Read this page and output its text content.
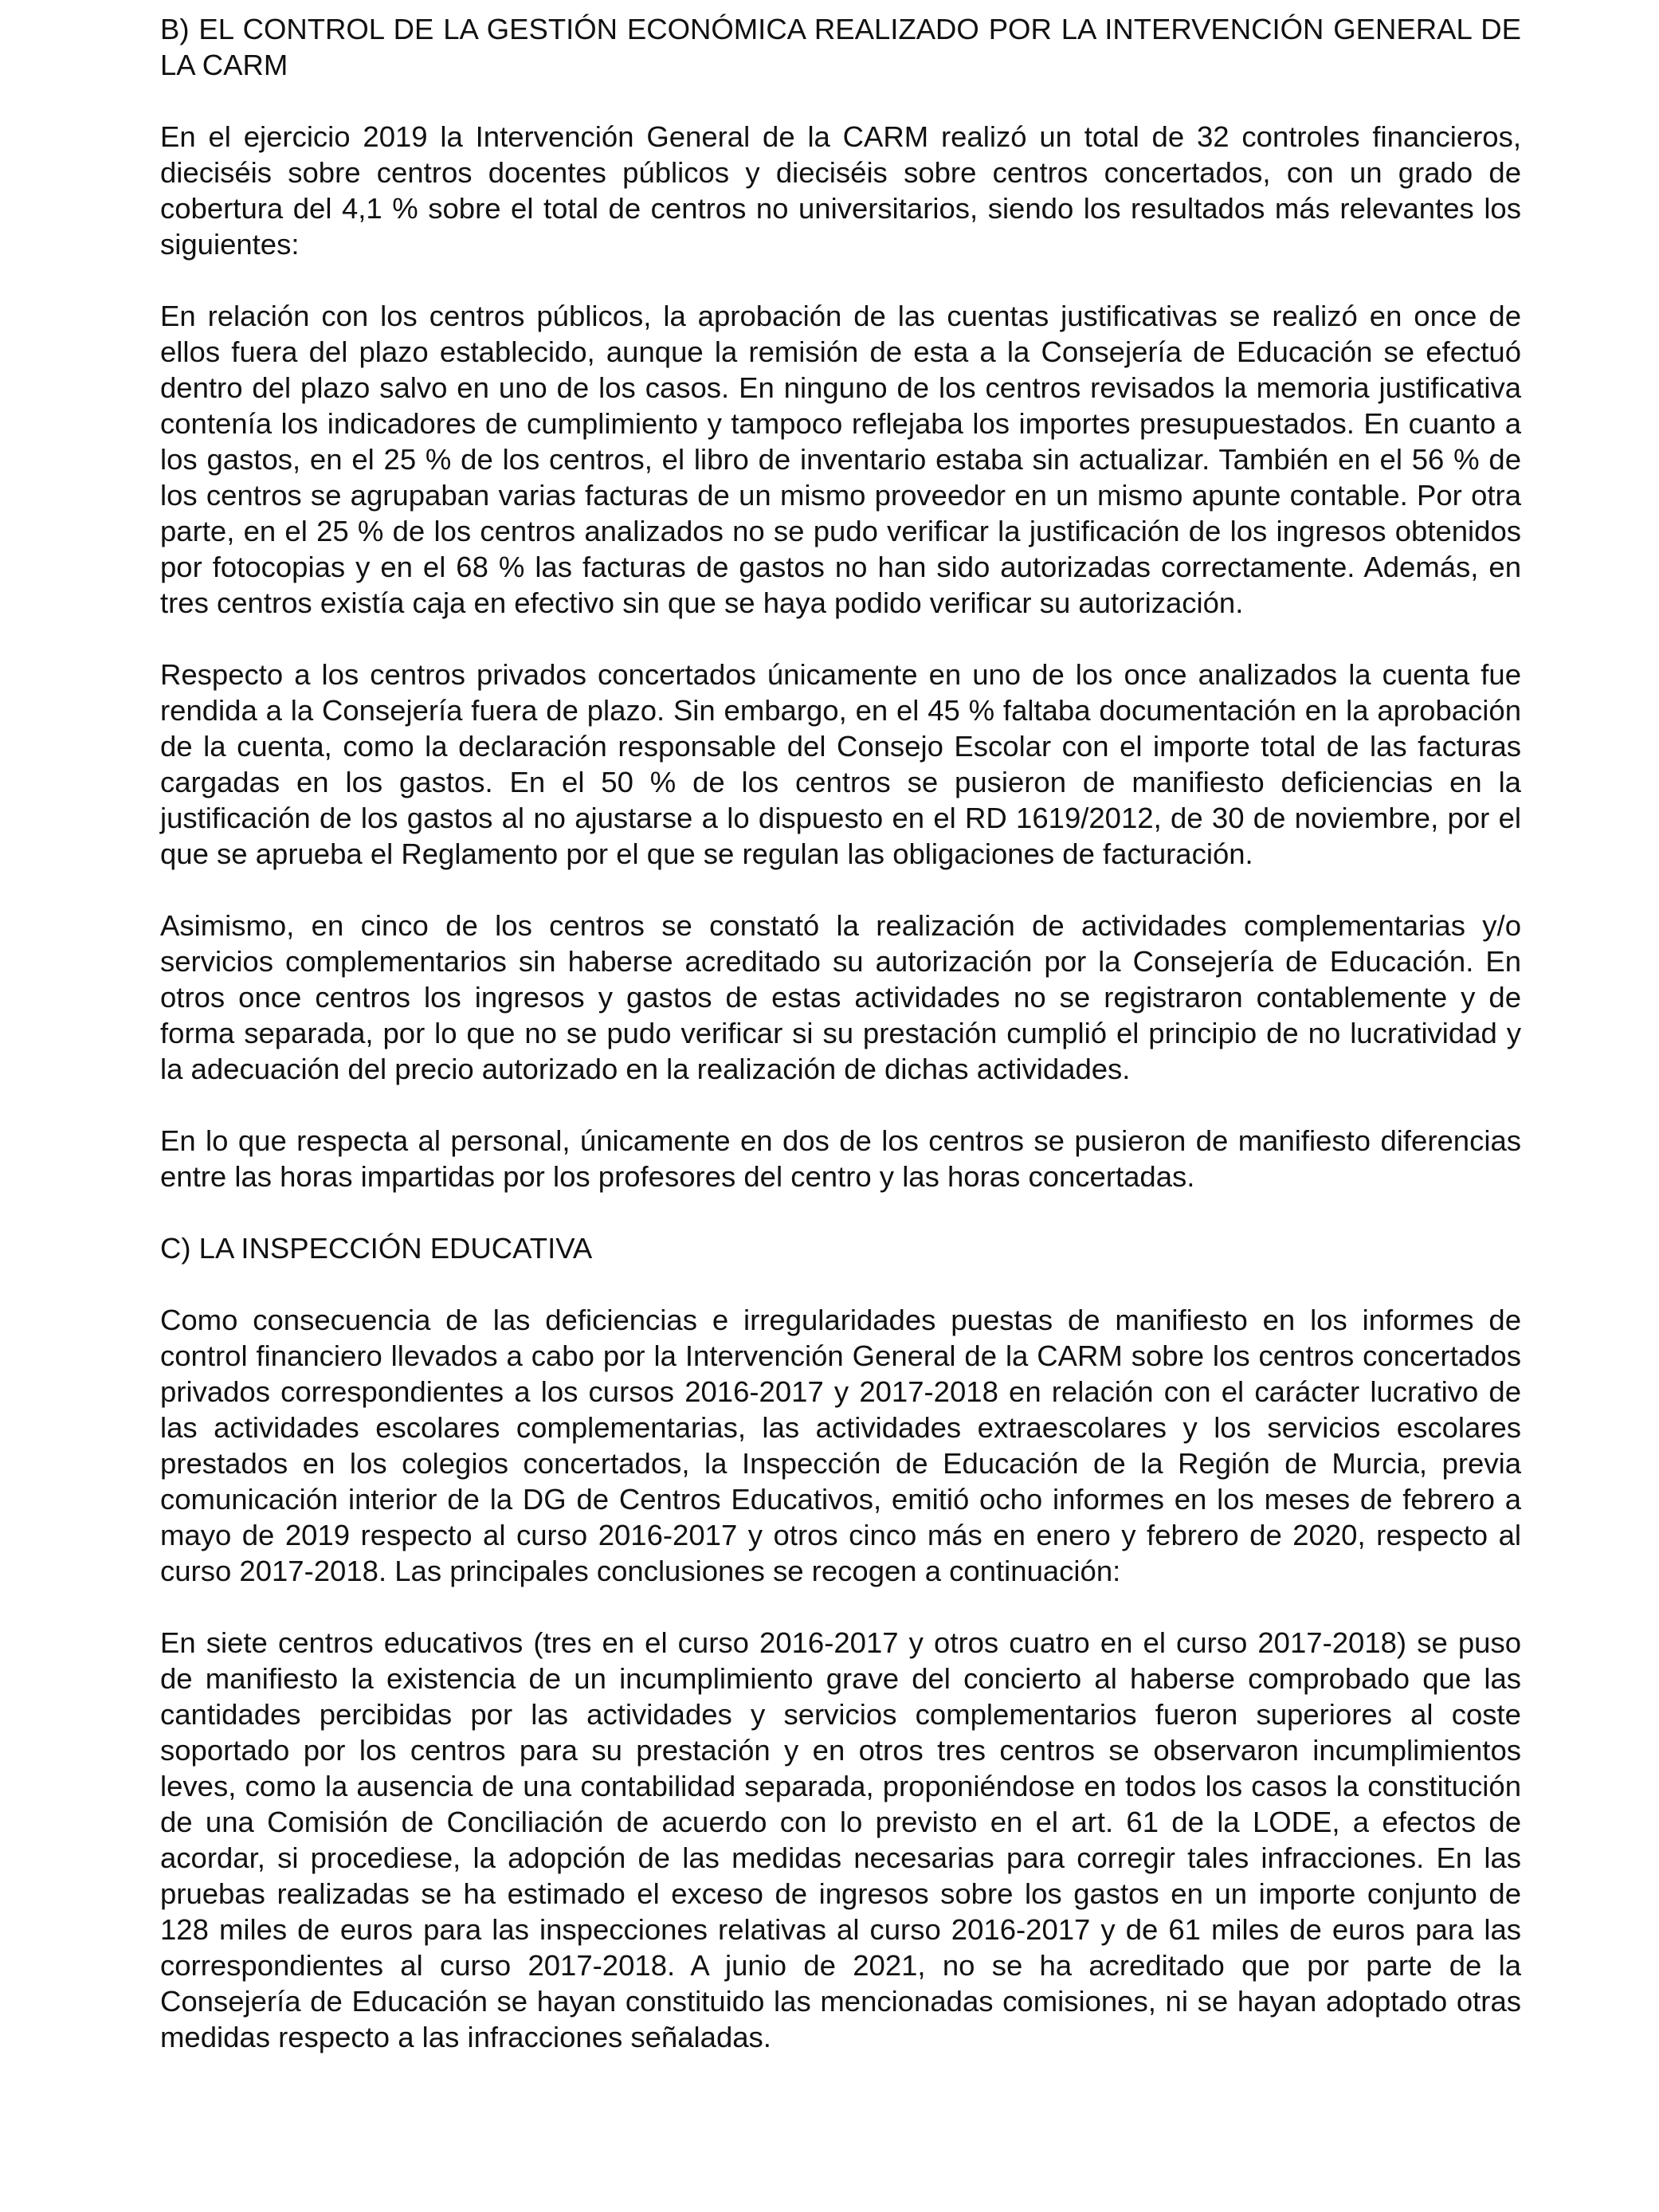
B) EL CONTROL DE LA GESTIÓN ECONÓMICA REALIZADO POR LA INTERVENCIÓN GENERAL DE LA CARM

En el ejercicio 2019 la Intervención General de la CARM realizó un total de 32 controles financieros, dieciséis sobre centros docentes públicos y dieciséis sobre centros concertados, con un grado de cobertura del 4,1 % sobre el total de centros no universitarios, siendo los resultados más relevantes los siguientes:

En relación con los centros públicos, la aprobación de las cuentas justificativas se realizó en once de ellos fuera del plazo establecido, aunque la remisión de esta a la Consejería de Educación se efectuó dentro del plazo salvo en uno de los casos. En ninguno de los centros revisados la memoria justificativa contenía los indicadores de cumplimiento y tampoco reflejaba los importes presupuestados. En cuanto a los gastos, en el 25 % de los centros, el libro de inventario estaba sin actualizar. También en el 56 % de los centros se agrupaban varias facturas de un mismo proveedor en un mismo apunte contable. Por otra parte, en el 25 % de los centros analizados no se pudo verificar la justificación de los ingresos obtenidos por fotocopias y en el 68 % las facturas de gastos no han sido autorizadas correctamente. Además, en tres centros existía caja en efectivo sin que se haya podido verificar su autorización.

Respecto a los centros privados concertados únicamente en uno de los once analizados la cuenta fue rendida a la Consejería fuera de plazo. Sin embargo, en el 45 % faltaba documentación en la aprobación de la cuenta, como la declaración responsable del Consejo Escolar con el importe total de las facturas cargadas en los gastos. En el 50 % de los centros se pusieron de manifiesto deficiencias en la justificación de los gastos al no ajustarse a lo dispuesto en el RD 1619/2012, de 30 de noviembre, por el que se aprueba el Reglamento por el que se regulan las obligaciones de facturación.

Asimismo, en cinco de los centros se constató la realización de actividades complementarias y/o servicios complementarios sin haberse acreditado su autorización por la Consejería de Educación. En otros once centros los ingresos y gastos de estas actividades no se registraron contablemente y de forma separada, por lo que no se pudo verificar si su prestación cumplió el principio de no lucratividad y la adecuación del precio autorizado en la realización de dichas actividades.

En lo que respecta al personal, únicamente en dos de los centros se pusieron de manifiesto diferencias entre las horas impartidas por los profesores del centro y las horas concertadas.

C) LA INSPECCIÓN EDUCATIVA

Como consecuencia de las deficiencias e irregularidades puestas de manifiesto en los informes de control financiero llevados a cabo por la Intervención General de la CARM sobre los centros concertados privados correspondientes a los cursos 2016-2017 y 2017-2018 en relación con el carácter lucrativo de las actividades escolares complementarias, las actividades extraescolares y los servicios escolares prestados en los colegios concertados, la Inspección de Educación de la Región de Murcia, previa comunicación interior de la DG de Centros Educativos, emitió ocho informes en los meses de febrero a mayo de 2019 respecto al curso 2016-2017 y otros cinco más en enero y febrero de 2020, respecto al curso 2017-2018. Las principales conclusiones se recogen a continuación:

En siete centros educativos (tres en el curso 2016-2017 y otros cuatro en el curso 2017-2018) se puso de manifiesto la existencia de un incumplimiento grave del concierto al haberse comprobado que las cantidades percibidas por las actividades y servicios complementarios fueron superiores al coste soportado por los centros para su prestación y en otros tres centros se observaron incumplimientos leves, como la ausencia de una contabilidad separada, proponiéndose en todos los casos la constitución de una Comisión de Conciliación de acuerdo con lo previsto en el art. 61 de la LODE, a efectos de acordar, si procediese, la adopción de las medidas necesarias para corregir tales infracciones. En las pruebas realizadas se ha estimado el exceso de ingresos sobre los gastos en un importe conjunto de 128 miles de euros para las inspecciones relativas al curso 2016-2017 y de 61 miles de euros para las correspondientes al curso 2017-2018. A junio de 2021, no se ha acreditado que por parte de la Consejería de Educación se hayan constituido las mencionadas comisiones, ni se hayan adoptado otras medidas respecto a las infracciones señaladas.
